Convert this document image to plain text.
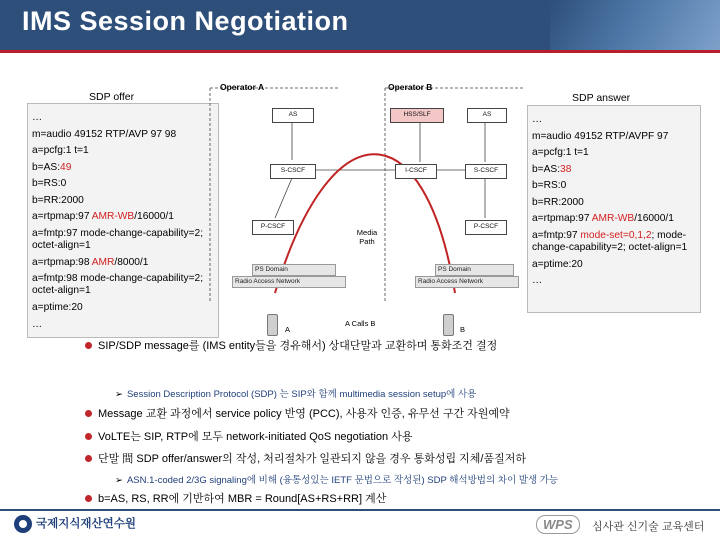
IMS Session Negotiation
SDP offer
…
m=audio 49152 RTP/AVP 97 98
a=pcfg:1 t=1
b=AS:49
b=RS:0
b=RR:2000
a=rtpmap:97 AMR-WB/16000/1
a=fmtp:97 mode-change-capability=2; octet-align=1
a=rtpmap:98 AMR/8000/1
a=fmtp:98 mode-change-capability=2; octet-align=1
a=ptime:20
…
SDP answer
…
m=audio 49152 RTP/AVPF 97
a=pcfg:1 t=1
b=AS:38
b=RS:0
b=RR:2000
a=rtpmap:97 AMR-WB/16000/1
a=fmtp:97 mode-set=0,1,2; mode-change-capability=2; octet-align=1
a=ptime:20
…
Operator A	Operator B
AS	HSS/SLF	AS
S-CSCF	I-CSCF	S-CSCF
P-CSCF	P-CSCF
Media Path
PS Domain
Radio Access Network
PS Domain
Radio Access Network
A	B
A Calls B
SIP/SDP message를 (IMS entity들을 경유해서) 상대단말과 교환하며 통화조건 결정
➢ Session Description Protocol (SDP) 는 SIP와 함께 multimedia session setup에 사용
Message 교환 과정에서 service policy 반영 (PCC), 사용자 인증, 유무선 구간 자원예약
VoLTE는 SIP, RTP에 모두 network-initiated QoS negotiation 사용
단말 間 SDP offer/answer의 작성, 처리절차가 일관되지 않을 경우 통화성립 지체/품질저하
➢ ASN.1-coded 2/3G signaling에 비해 (융통성있는 IETF 문법으로 작성된) SDP 해석방법의 차이 발생 가능
b=AS, RS, RR에 기반하여 MBR = Round[AS+RS+RR] 계산
국제지식재산연수원	WPS	심사관 신기술 교육센터
